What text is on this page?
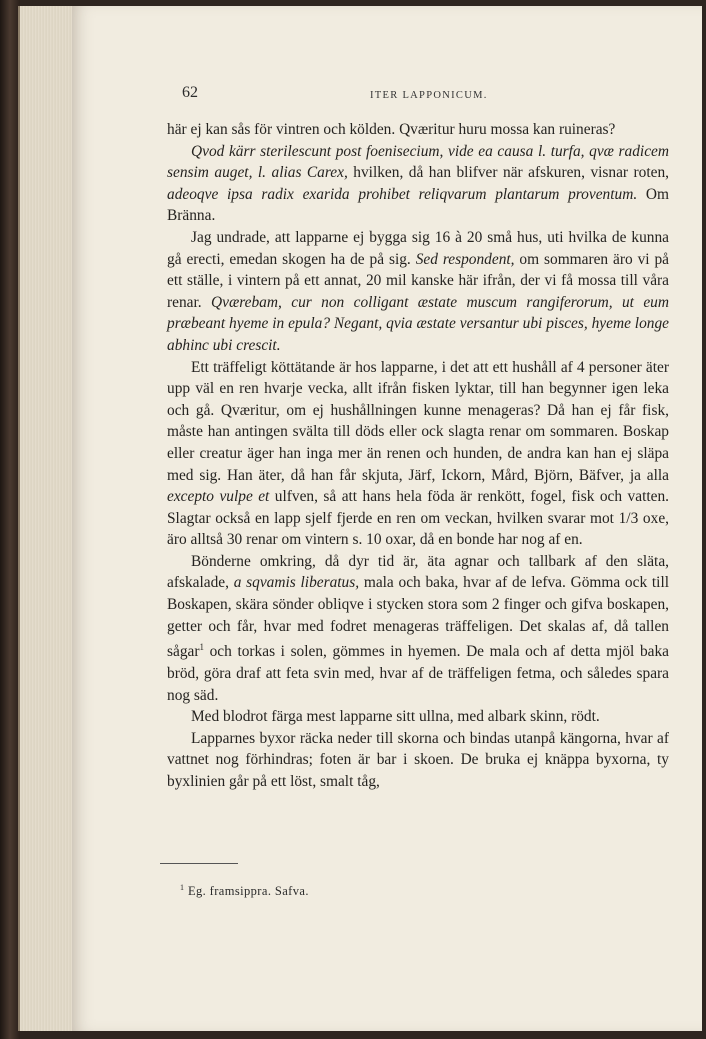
62	ITER LAPPONICUM.

här ej kan sås för vintren och kölden. Qværitur huru mossa kan ruineras?

Qvod kärr sterilescunt post foenisecium, vide ea causa l. turfa, qvæ radicem sensim auget, l. alias Carex, hvilken, då han blifver när afskuren, visnar roten, adeoqve ipsa radix exarida prohibet reliqvarum plantarum proventum. Om Bränna.

Jag undrade, att lapparne ej bygga sig 16 à 20 små hus, uti hvilka de kunna gå erecti, emedan skogen ha de på sig. Sed respondent, om sommaren äro vi på ett ställe, i vintern på ett annat, 20 mil kanske här ifrån, der vi få mossa till våra renar. Qværebam, cur non colligant æstate muscum rangiferorum, ut eum præbeant hyeme in epula? Negant, qvia æstate versantur ubi pisces, hyeme longe abhinc ubi crescit.

Ett träffeligt köttätande är hos lapparne, i det att ett hushåll af 4 personer äter upp väl en ren hvarje vecka, allt ifrån fisken lyktar, till han begynner igen leka och gå. Qværitur, om ej hushållningen kunne menageras? Då han ej får fisk, måste han antingen svälta till döds eller ock slagta renar om sommaren. Boskap eller creatur äger han inga mer än renen och hunden, de andra kan han ej släpa med sig. Han äter, då han får skjuta, Järf, Ickorn, Mård, Björn, Bäfver, ja alla excepto vulpe et ulfven, så att hans hela föda är renkött, fogel, fisk och vatten. Slagtar också en lapp sjelf fjerde en ren om veckan, hvilken svarar mot 1/3 oxe, äro alltså 30 renar om vintern s. 10 oxar, då en bonde har nog af en.

Bönderne omkring, då dyr tid är, äta agnar och tallbark af den släta, afskalade, a sqvamis liberatus, mala och baka, hvar af de lefva. Gömma ock till Boskapen, skära sönder obliqve i stycken stora som 2 finger och gifva boskapen, getter och får, hvar med fodret menageras träffeligen. Det skalas af, då tallen sågar$^1$ och torkas i solen, gömmes in hyemen. De mala och af detta mjöl baka bröd, göra draf att feta svin med, hvar af de träffeligen fetma, och således spara nog säd.

Med blodrot färga mest lapparne sitt ullna, med albark skinn, rödt.

Lapparnes byxor räcka neder till skorna och bindas utanpå kängorna, hvar af vattnet nog förhindras; foten är bar i skoen. De bruka ej knäppa byxorna, ty byxlinien går på ett löst, smalt tåg,

$^1$ Eg. framsippra. Safva.
